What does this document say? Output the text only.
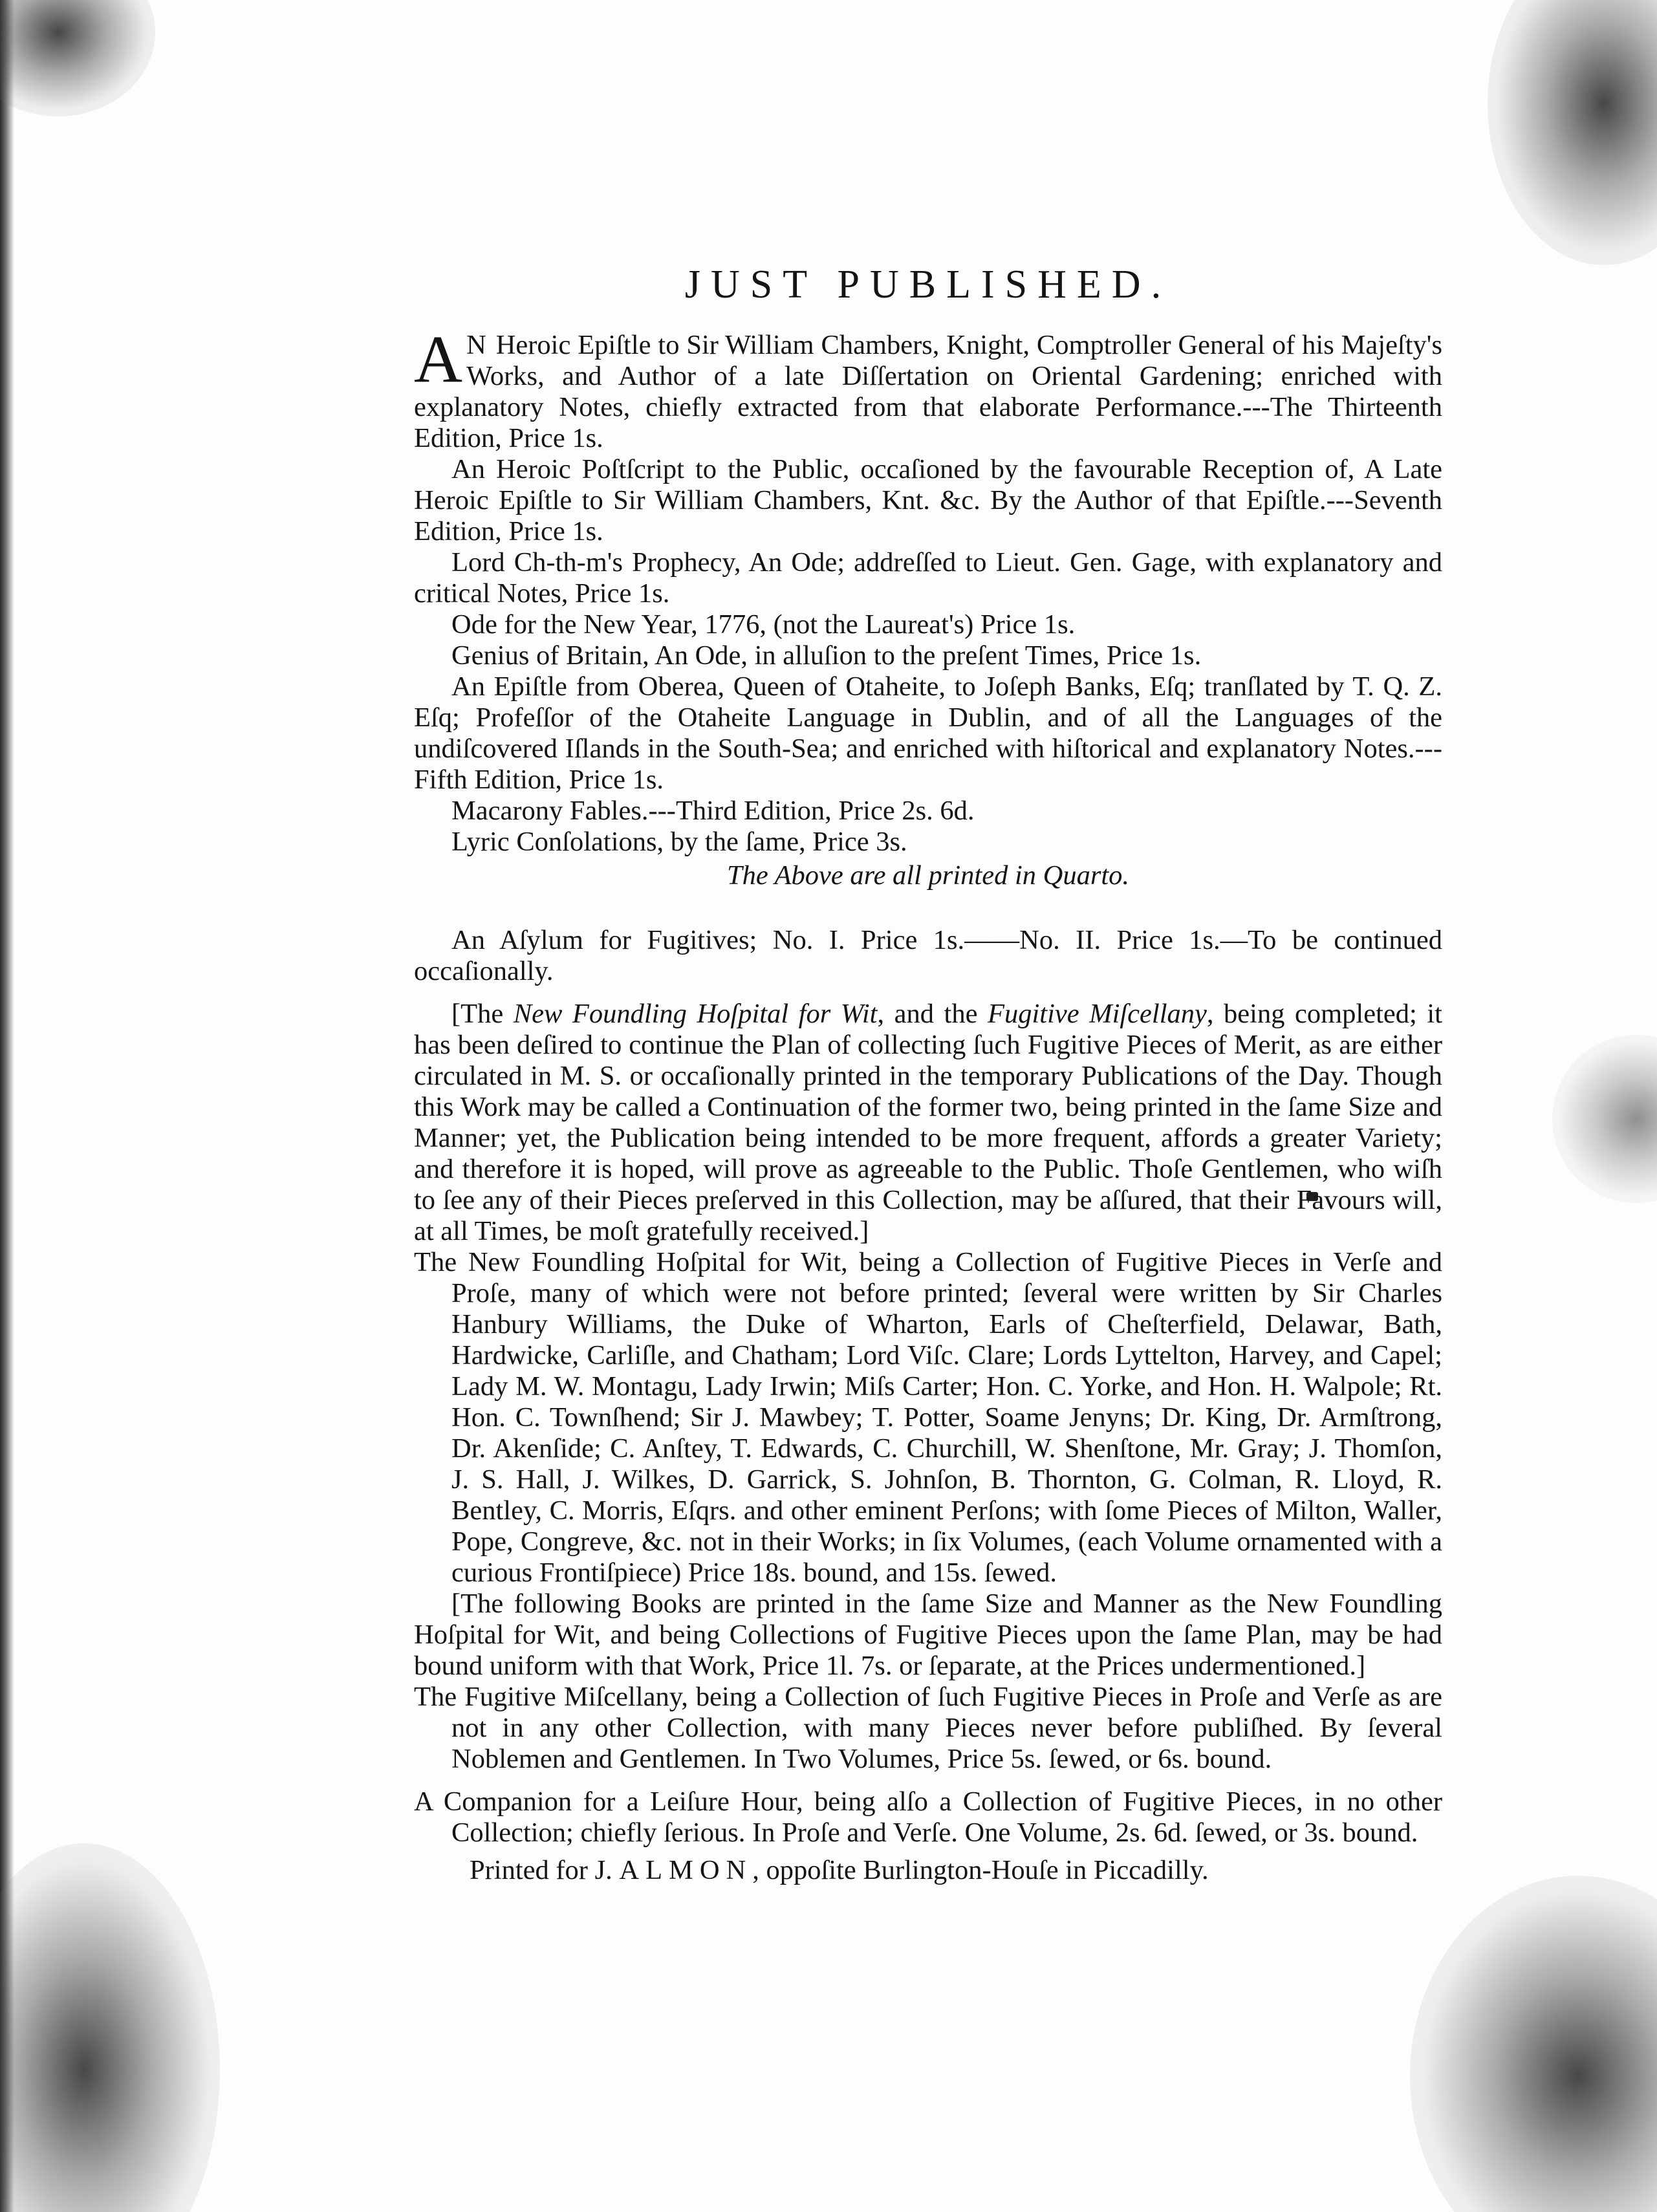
JUST PUBLISHED.

A N Heroic Epiſtle to Sir William Chambers, Knight, Comptroller General of his Majeſty's Works, and Author of a late Diſſertation on Oriental Gardening; enriched with explanatory Notes, chiefly extracted from that elaborate Performance.---The Thirteenth Edition, Price 1s.

An Heroic Poſtſcript to the Public, occaſioned by the favourable Reception of, A Late Heroic Epiſtle to Sir William Chambers, Knt. &c. By the Author of that Epiſtle.---Seventh Edition, Price 1s.

Lord Ch-th-m's Prophecy, An Ode; addreſſed to Lieut. Gen. Gage, with explanatory and critical Notes, Price 1s.

Ode for the New Year, 1776, (not the Laureat's) Price 1s.

Genius of Britain, An Ode, in alluſion to the preſent Times, Price 1s.

An Epiſtle from Oberea, Queen of Otaheite, to Joſeph Banks, Eſq; tranſlated by T. Q. Z. Eſq; Profeſſor of the Otaheite Language in Dublin, and of all the Languages of the undiſcovered Iſlands in the South-Sea; and enriched with hiſtorical and explanatory Notes.---Fifth Edition, Price 1s.

Macarony Fables.---Third Edition, Price 2s. 6d.

Lyric Conſolations, by the ſame, Price 3s.

The Above are all printed in Quarto.

An Aſylum for Fugitives; No. I. Price 1s.——No. II. Price 1s.—To be continued occaſionally.

[The New Foundling Hoſpital for Wit, and the Fugitive Miſcellany, being completed; it has been deſired to continue the Plan of collecting ſuch Fugitive Pieces of Merit, as are either circulated in M. S. or occaſionally printed in the temporary Publications of the Day. Though this Work may be called a Continuation of the former two, being printed in the ſame Size and Manner; yet, the Publication being intended to be more frequent, affords a greater Variety; and therefore it is hoped, will prove as agreeable to the Public. Thoſe Gentlemen, who wiſh to ſee any of their Pieces preſerved in this Collection, may be aſſured, that their Favours will, at all Times, be moſt gratefully received.]

The New Foundling Hoſpital for Wit, being a Collection of Fugitive Pieces in Verſe and Proſe, many of which were not before printed; ſeveral were written by Sir Charles Hanbury Williams, the Duke of Wharton, Earls of Cheſterfield, Delawar, Bath, Hardwicke, Carliſle, and Chatham; Lord Viſc. Clare; Lords Lyttelton, Harvey, and Capel; Lady M. W. Montagu, Lady Irwin; Miſs Carter; Hon. C. Yorke, and Hon. H. Walpole; Rt. Hon. C. Townſhend; Sir J. Mawbey; T. Potter, Soame Jenyns; Dr. King, Dr. Armſtrong, Dr. Akenſide; C. Anſtey, T. Edwards, C. Churchill, W. Shenſtone, Mr. Gray; J. Thomſon, J. S. Hall, J. Wilkes, D. Garrick, S. Johnſon, B. Thornton, G. Colman, R. Lloyd, R. Bentley, C. Morris, Eſqrs. and other eminent Perſons; with ſome Pieces of Milton, Waller, Pope, Congreve, &c. not in their Works; in ſix Volumes, (each Volume ornamented with a curious Frontiſpiece) Price 18s. bound, and 15s. ſewed.

[The following Books are printed in the ſame Size and Manner as the New Foundling Hoſpital for Wit, and being Collections of Fugitive Pieces upon the ſame Plan, may be had bound uniform with that Work, Price 1l. 7s. or ſeparate, at the Prices undermentioned.]

The Fugitive Miſcellany, being a Collection of ſuch Fugitive Pieces in Proſe and Verſe as are not in any other Collection, with many Pieces never before publiſhed. By ſeveral Noblemen and Gentlemen. In Two Volumes, Price 5s. ſewed, or 6s. bound.

A Companion for a Leiſure Hour, being alſo a Collection of Fugitive Pieces, in no other Collection; chiefly ſerious. In Proſe and Verſe. One Volume, 2s. 6d. ſewed, or 3s. bound.

Printed for J. ALMON, oppoſite Burlington-Houſe in Piccadilly.
